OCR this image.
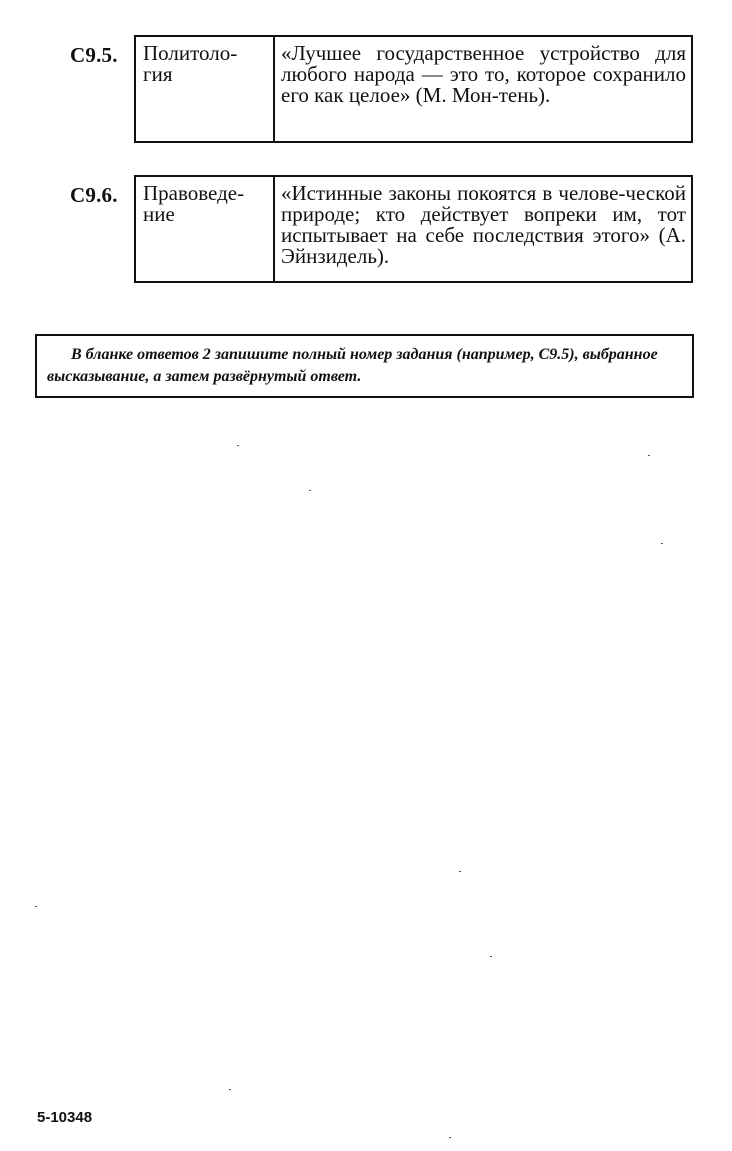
С9.5.	Политоло-
гия
«Лучшее государственное устройство для любого народа — это то, которое сохранило его как целое» (М. Мон-тень).
С9.6.	Правоведе-
ние
«Истинные законы покоятся в челове-ческой природе; кто действует вопреки им, тот испытывает на себе последствия этого» (А. Эйнзидель).
В бланке ответов 2 запишите полный номер задания (например, С9.5), выбранное высказывание, а затем развёрнутый ответ.
5-10348
